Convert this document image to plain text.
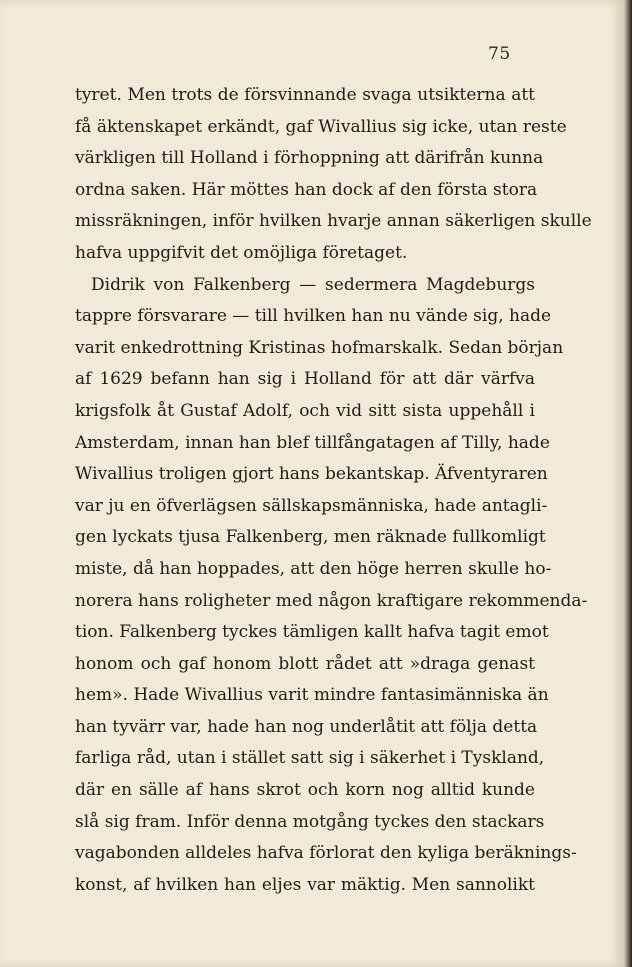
75
tyret. Men trots de försvinnande svaga utsikterna att
få äktenskapet erkändt, gaf Wivallius sig icke, utan reste
värkligen till Holland i förhoppning att därifrån kunna
ordna saken. Här möttes han dock af den första stora
missräkningen, inför hvilken hvarje annan säkerligen skulle
hafva uppgifvit det omöjliga företaget.
Didrik von Falkenberg — sedermera Magdeburgs
tappre försvarare — till hvilken han nu vände sig, hade
varit enkedrottning Kristinas hofmarskalk. Sedan början
af 1629 befann han sig i Holland för att där värfva
krigsfolk åt Gustaf Adolf, och vid sitt sista uppehåll i
Amsterdam, innan han blef tillfångatagen af Tilly, hade
Wivallius troligen gjort hans bekantskap. Äfventyraren
var ju en öfverlägsen sällskapsmänniska, hade antagli-
gen lyckats tjusa Falkenberg, men räknade fullkomligt
miste, då han hoppades, att den höge herren skulle ho-
norera hans roligheter med någon kraftigare rekommenda-
tion. Falkenberg tyckes tämligen kallt hafva tagit emot
honom och gaf honom blott rådet att »draga genast
hem». Hade Wivallius varit mindre fantasimänniska än
han tyvärr var, hade han nog underlåtit att följa detta
farliga råd, utan i stället satt sig i säkerhet i Tyskland,
där en sälle af hans skrot och korn nog alltid kunde
slå sig fram. Inför denna motgång tyckes den stackars
vagabonden alldeles hafva förlorat den kyliga beräknings-
konst, af hvilken han eljes var mäktig. Men sannolikt
